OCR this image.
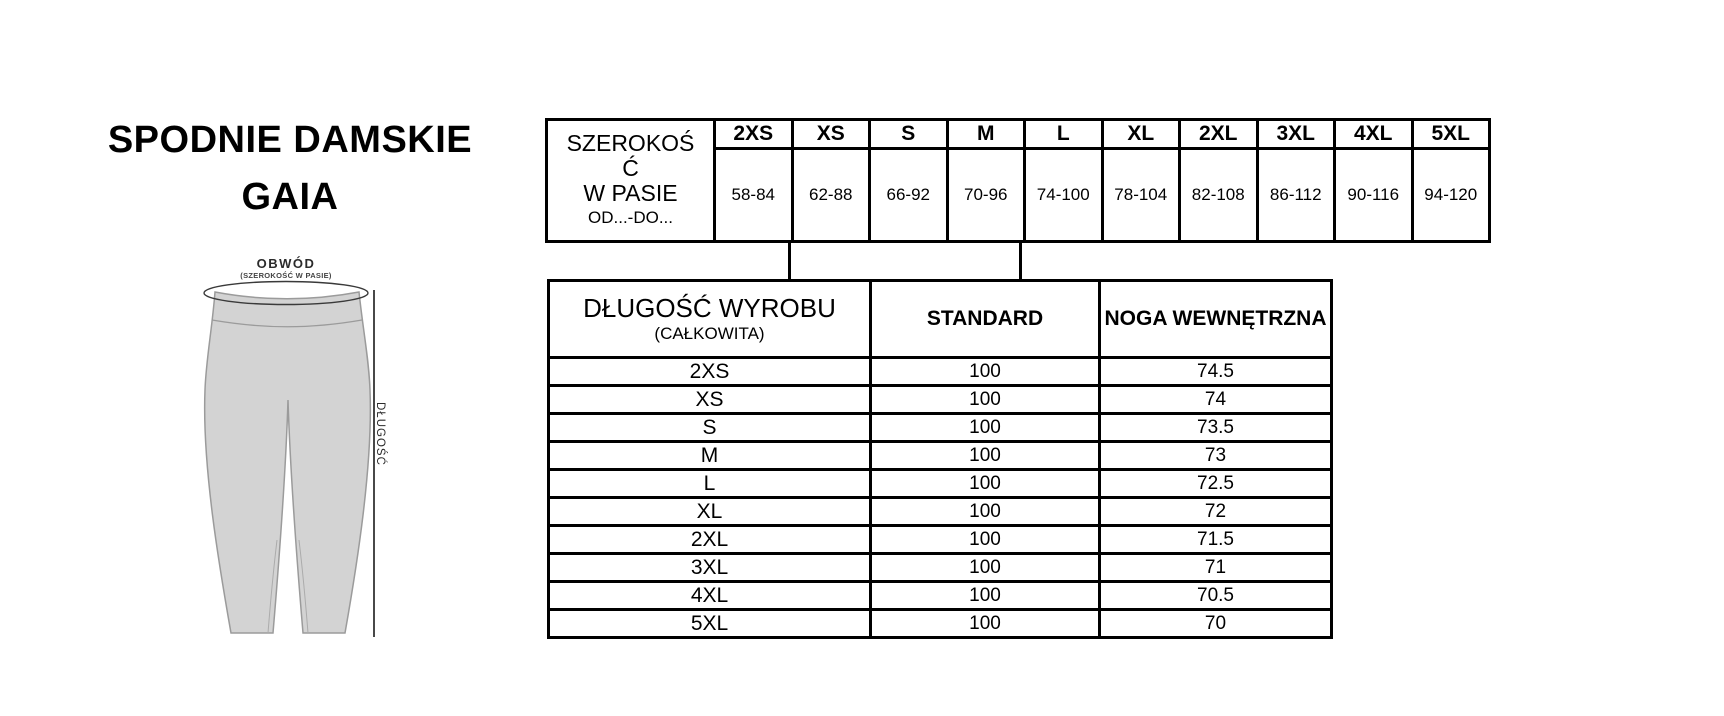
SPODNIE DAMSKIE
GAIA
OBWÓD
(SZEROKOŚĆ W PASIE)
DŁUGOŚĆ
SZEROKOŚ
Ć
W PASIE
OD...-DO...	2XS	XS	S	M	L	XL	2XL	3XL	4XL	5XL
	58-84	62-88	66-92	70-96	74-100	78-104	82-108	86-112	90-116	94-120
DŁUGOŚĆ WYROBU
(CAŁKOWITA)	STANDARD	NOGA WEWNĘTRZNA
2XS	100	74.5
XS	100	74
S	100	73.5
M	100	73
L	100	72.5
XL	100	72
2XL	100	71.5
3XL	100	71
4XL	100	70.5
5XL	100	70
